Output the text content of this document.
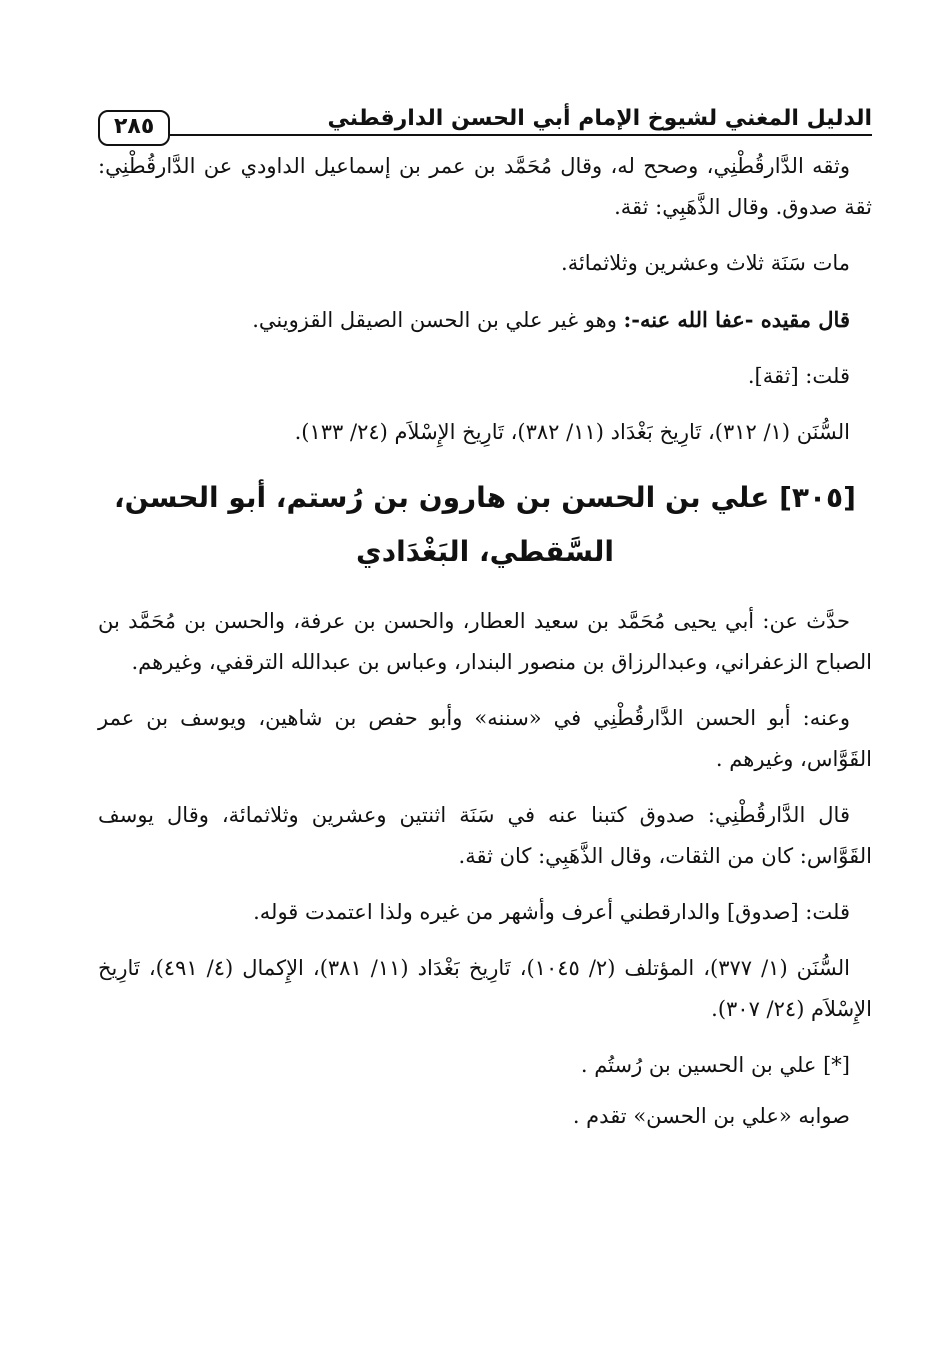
الدليل المغني لشيوخ الإمام أبي الحسن الدارقطني
٢٨٥

وثقه الدَّارقُطْنِي، وصحح له، وقال مُحَمَّد بن عمر بن إسماعيل الداودي عن الدَّارقُطْنِي: ثقة صدوق. وقال الذَّهَبِي: ثقة.

مات سَنَة ثلاث وعشرين وثلاثمائة.

قال مقيده -عفا الله عنه-: وهو غير علي بن الحسن الصيقل القزويني.

قلت: [ثقة].

السُّنَن (١/ ٣١٢)، تَارِيخ بَغْدَاد (١١/ ٣٨٢)، تَارِيخ الإِسْلاَم (٢٤/ ١٣٣).

[٣٠٥] علي بن الحسن بن هارون بن رُستم، أبو الحسن،
السَّقطي، البَغْدَادي

حدَّث عن: أبي يحيى مُحَمَّد بن سعيد العطار، والحسن بن عرفة، والحسن بن مُحَمَّد بن الصباح الزعفراني، وعبدالرزاق بن منصور البندار، وعباس بن عبدالله الترقفي، وغيرهم.

وعنه: أبو الحسن الدَّارقُطْنِي في «سننه» وأبو حفص بن شاهين، ويوسف بن عمر القَوَّاس، وغيرهم .

قال الدَّارقُطْنِي: صدوق كتبنا عنه في سَنَة اثنتين وعشرين وثلاثمائة، وقال يوسف القَوَّاس: كان من الثقات، وقال الذَّهَبِي: كان ثقة.

قلت: [صدوق] والدارقطني أعرف وأشهر من غيره ولذا اعتمدت قوله.

السُّنَن (١/ ٣٧٧)، المؤتلف (٢/ ١٠٤٥)، تَارِيخ بَغْدَاد (١١/ ٣٨١)، الإِكمال (٤/ ٤٩١)، تَارِيخ الإِسْلاَم (٢٤/ ٣٠٧).

[*] علي بن الحسين بن رُستُم .

صوابه «علي بن الحسن» تقدم .
